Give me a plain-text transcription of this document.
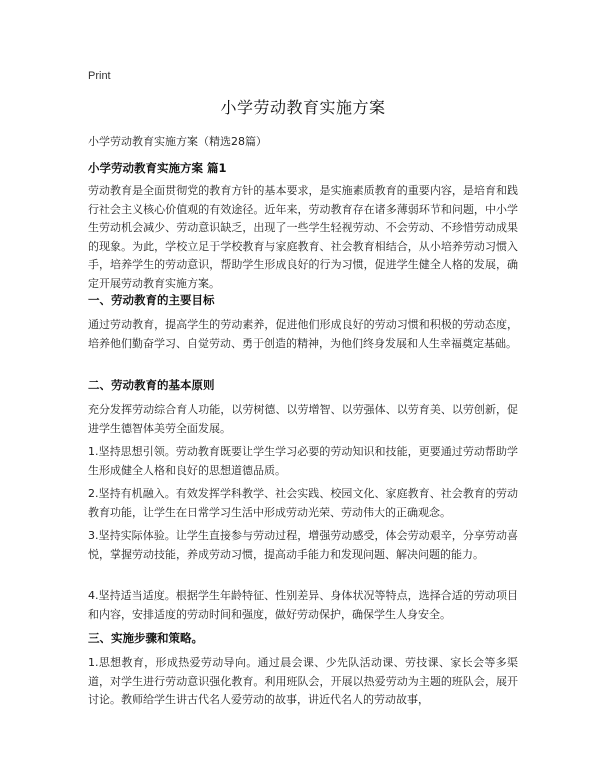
Print
小学劳动教育实施方案
小学劳动教育实施方案（精选28篇）
小学劳动教育实施方案 篇1
劳动教育是全面贯彻党的教育方针的基本要求，是实施素质教育的重要内容，是培育和践行社会主义核心价值观的有效途径。近年来，劳动教育存在诸多薄弱环节和问题，中小学生劳动机会减少、劳动意识缺乏，出现了一些学生轻视劳动、不会劳动、不珍惜劳动成果的现象。为此，学校立足于学校教育与家庭教育、社会教育相结合，从小培养劳动习惯入手，培养学生的劳动意识，帮助学生形成良好的行为习惯，促进学生健全人格的发展，确定开展劳动教育实施方案。
一、劳动教育的主要目标
通过劳动教育，提高学生的劳动素养，促进他们形成良好的劳动习惯和积极的劳动态度，培养他们勤奋学习、自觉劳动、勇于创造的精神，为他们终身发展和人生幸福奠定基础。
二、劳动教育的基本原则
充分发挥劳动综合育人功能，以劳树德、以劳增智、以劳强体、以劳育美、以劳创新，促进学生德智体美劳全面发展。
1.坚持思想引领。劳动教育既要让学生学习必要的劳动知识和技能，更要通过劳动帮助学生形成健全人格和良好的思想道德品质。
2.坚持有机融入。有效发挥学科教学、社会实践、校园文化、家庭教育、社会教育的劳动教育功能，让学生在日常学习生活中形成劳动光荣、劳动伟大的正确观念。
3.坚持实际体验。让学生直接参与劳动过程，增强劳动感受，体会劳动艰辛，分享劳动喜悦，掌握劳动技能，养成劳动习惯，提高动手能力和发现问题、解决问题的能力。
4.坚持适当适度。根据学生年龄特征、性别差异、身体状况等特点，选择合适的劳动项目和内容，安排适度的劳动时间和强度，做好劳动保护，确保学生人身安全。
三、实施步骤和策略。
1.思想教育，形成热爱劳动导向。通过晨会课、少先队活动课、劳技课、家长会等多渠道，对学生进行劳动意识强化教育。利用班队会，开展以热爱劳动为主题的班队会，展开讨论。教师给学生讲古代名人爱劳动的故事，讲近代名人的劳动故事，
